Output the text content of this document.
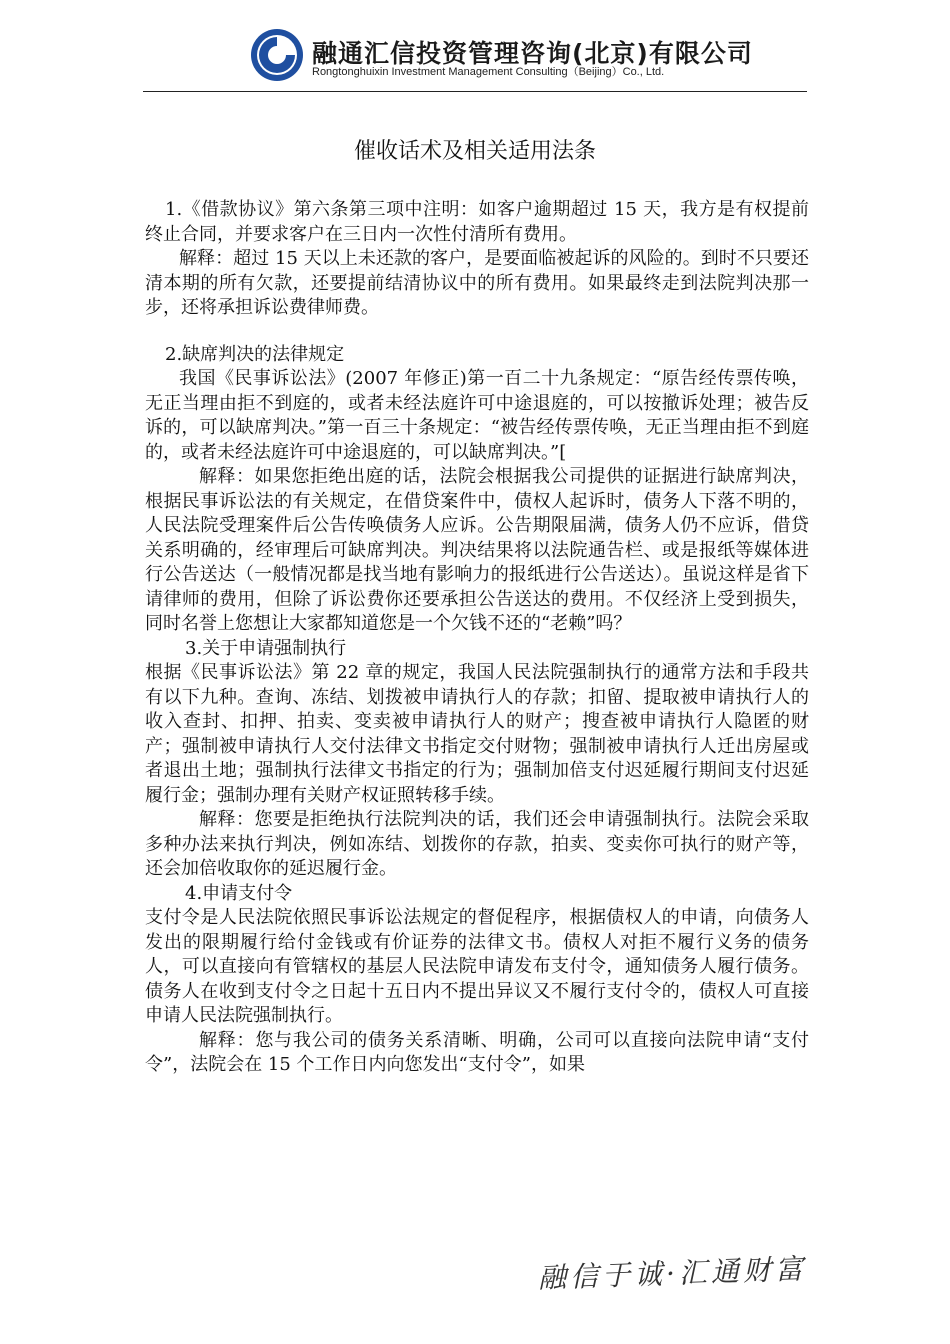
融通汇信投资管理咨询(北京)有限公司
Rongtonghuixin Investment Management Consulting（Beijing）Co., Ltd.
催收话术及相关适用法条

1.《借款协议》第六条第三项中注明：如客户逾期超过 15 天，我方是有权提前终止合同，并要求客户在三日内一次性付清所有费用。

解释：超过 15 天以上未还款的客户，是要面临被起诉的风险的。到时不只要还清本期的所有欠款，还要提前结清协议中的所有费用。如果最终走到法院判决那一步，还将承担诉讼费律师费。

2.缺席判决的法律规定

我国《民事诉讼法》(2007 年修正)第一百二十九条规定：“原告经传票传唤，无正当理由拒不到庭的，或者未经法庭许可中途退庭的，可以按撤诉处理；被告反诉的，可以缺席判决。”第一百三十条规定：“被告经传票传唤，无正当理由拒不到庭的，或者未经法庭许可中途退庭的，可以缺席判决。”[

解释：如果您拒绝出庭的话，法院会根据我公司提供的证据进行缺席判决，根据民事诉讼法的有关规定，在借贷案件中，债权人起诉时，债务人下落不明的，人民法院受理案件后公告传唤债务人应诉。公告期限届满，债务人仍不应诉，借贷关系明确的，经审理后可缺席判决。判决结果将以法院通告栏、或是报纸等媒体进行公告送达（一般情况都是找当地有影响力的报纸进行公告送达）。虽说这样是省下请律师的费用，但除了诉讼费你还要承担公告送达的费用。不仅经济上受到损失，同时名誉上您想让大家都知道您是一个欠钱不还的“老赖”吗？

3.关于申请强制执行

根据《民事诉讼法》第 22 章的规定，我国人民法院强制执行的通常方法和手段共有以下九种。查询、冻结、划拨被申请执行人的存款；扣留、提取被申请执行人的收入查封、扣押、拍卖、变卖被申请执行人的财产；搜查被申请执行人隐匿的财产；强制被申请执行人交付法律文书指定交付财物；强制被申请执行人迁出房屋或者退出土地；强制执行法律文书指定的行为；强制加倍支付迟延履行期间支付迟延履行金；强制办理有关财产权证照转移手续。

解释：您要是拒绝执行法院判决的话，我们还会申请强制执行。法院会采取多种办法来执行判决，例如冻结、划拨你的存款，拍卖、变卖你可执行的财产等，还会加倍收取你的延迟履行金。

4.申请支付令

支付令是人民法院依照民事诉讼法规定的督促程序，根据债权人的申请，向债务人发出的限期履行给付金钱或有价证券的法律文书。债权人对拒不履行义务的债务人，可以直接向有管辖权的基层人民法院申请发布支付令，通知债务人履行债务。债务人在收到支付令之日起十五日内不提出异议又不履行支付令的，债权人可直接申请人民法院强制执行。

解释：您与我公司的债务关系清晰、明确，公司可以直接向法院申请“支付令”，法院会在 15 个工作日内向您发出“支付令”，如果

融信于诚·汇通财富
